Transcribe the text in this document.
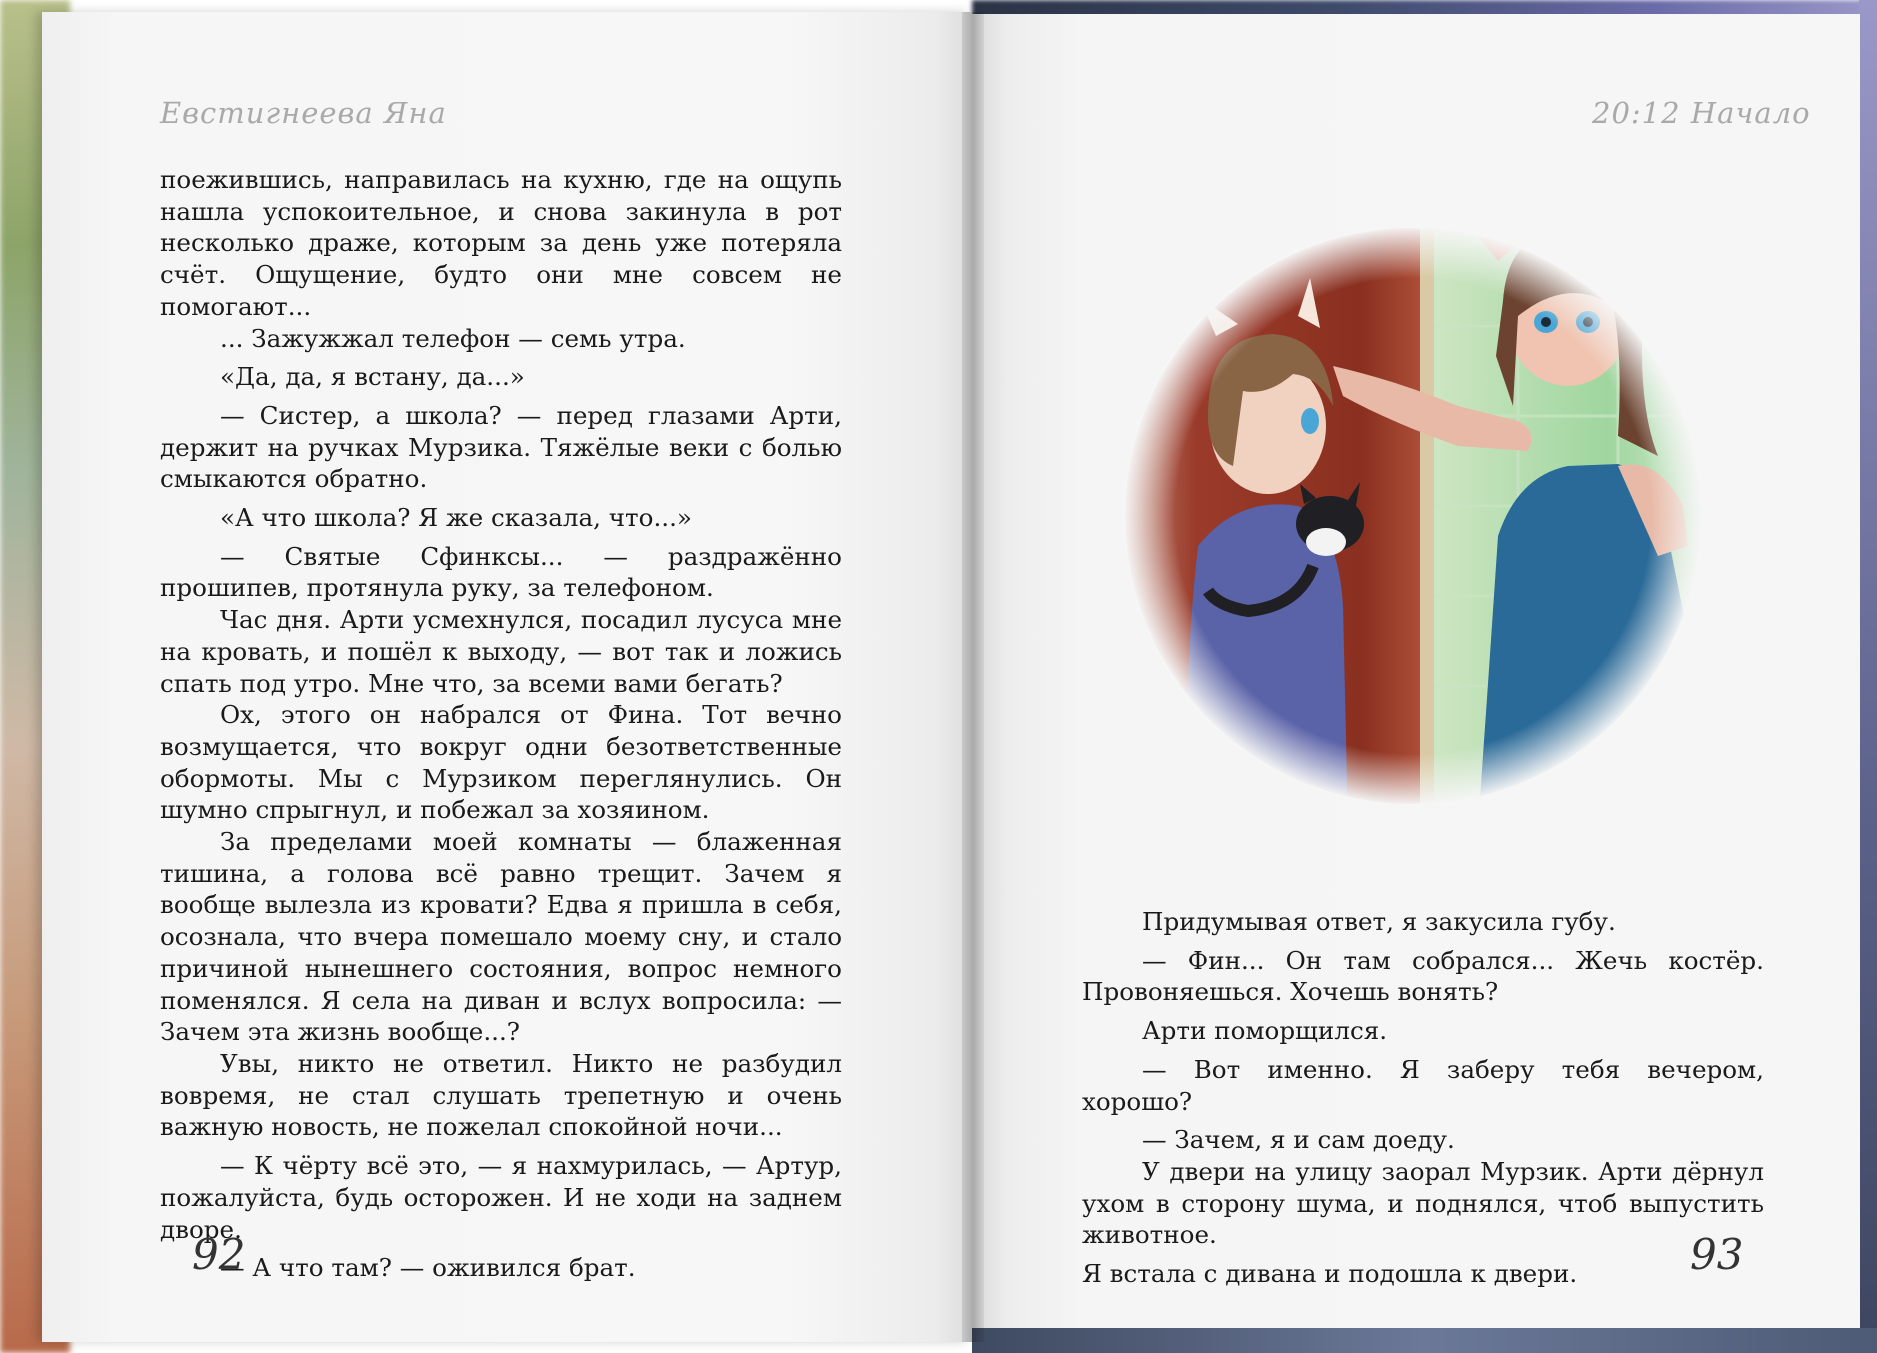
Евстигнеева Яна

поежившись, направилась на кухню, где на ощупь нашла успокоительное, и снова закинула в рот несколько драже, которым за день уже потеряла счёт. Ощущение, будто они мне совсем не помогают...

... Зажужжал телефон — семь утра.

«Да, да, я встану, да...»

— Систер, а школа? — перед глазами Арти, держит на ручках Мурзика. Тяжёлые веки с болью смыкаются обратно.

«А что школа? Я же сказала, что...»

— Святые Сфинксы... — раздражённо прошипев, протянула руку, за телефоном.

Час дня. Арти усмехнулся, посадил лусуса мне на кровать, и пошёл к выходу, — вот так и ложись спать под утро. Мне что, за всеми вами бегать?

Ох, этого он набрался от Фина. Тот вечно возмущается, что вокруг одни безответственные обормоты. Мы с Мурзиком переглянулись. Он шумно спрыгнул, и побежал за хозяином.

За пределами моей комнаты — блаженная тишина, а голова всё равно трещит. Зачем я вообще вылезла из кровати? Едва я пришла в себя, осознала, что вчера помешало моему сну, и стало причиной нынешнего состояния, вопрос немного поменялся. Я села на диван и вслух вопросила: — Зачем эта жизнь вообще...?

Увы, никто не ответил. Никто не разбудил вовремя, не стал слушать трепетную и очень важную новость, не пожелал спокойной ночи...

— К чёрту всё это, — я нахмурилась, — Артур, пожалуйста, будь осторожен. И не ходи на заднем дворе.

— А что там? — оживился брат.

92
20:12 Начало

Придумывая ответ, я закусила губу.

— Фин... Он там собрался... Жечь костёр. Провоняешься. Хочешь вонять?

Арти поморщился.

— Вот именно. Я заберу тебя вечером, хорошо?

— Зачем, я и сам доеду.

У двери на улицу заорал Мурзик. Арти дёрнул ухом в сторону шума, и поднялся, чтоб выпустить животное.

Я встала с дивана и подошла к двери.	93
